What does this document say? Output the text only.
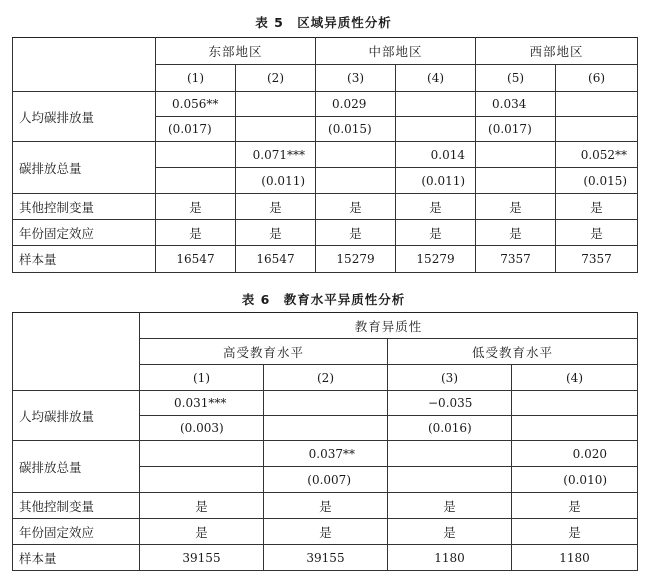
表 5　区域异质性分析
	东部地区		中部地区		西部地区	
	(1)	(2)	(3)	(4)	(5)	(6)
人均碳排放量	0.056**		0.029		0.034	
	(0.017)		(0.015)		(0.017)	
碳排放总量		0.071***		0.014		0.052**
		(0.011)		(0.011)		(0.015)
其他控制变量	是	是	是	是	是	是
年份固定效应	是	是	是	是	是	是
样本量	16547	16547	15279	15279	7357	7357
表 6　教育水平异质性分析
	教育异质性			
	高受教育水平		低受教育水平	
	(1)	(2)	(3)	(4)
人均碳排放量	0.031***		−0.035	
	(0.003)		(0.016)	
碳排放总量		0.037**		0.020
		(0.007)		(0.010)
其他控制变量	是	是	是	是
年份固定效应	是	是	是	是
样本量	39155	39155	1180	1180
